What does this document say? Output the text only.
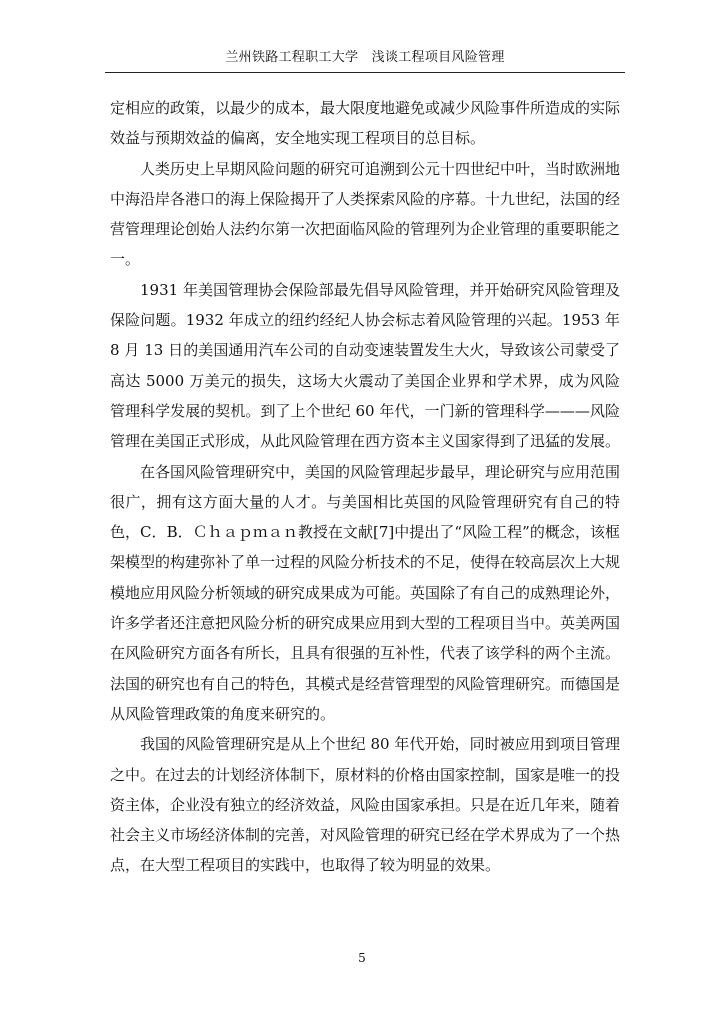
兰州铁路工程职工大学　浅谈工程项目风险管理

定相应的政策，以最少的成本，最大限度地避免或减少风险事件所造成的实际效益与预期效益的偏离，安全地实现工程项目的总目标。

人类历史上早期风险问题的研究可追溯到公元十四世纪中叶，当时欧洲地中海沿岸各港口的海上保险揭开了人类探索风险的序幕。十九世纪，法国的经营管理理论创始人法约尔第一次把面临风险的管理列为企业管理的重要职能之一。

1931 年美国管理协会保险部最先倡导风险管理，并开始研究风险管理及保险问题。1932 年成立的纽约经纪人协会标志着风险管理的兴起。1953 年 8 月 13 日的美国通用汽车公司的自动变速装置发生大火，导致该公司蒙受了高达 5000 万美元的损失，这场大火震动了美国企业界和学术界，成为风险管理科学发展的契机。到了上个世纪 60 年代，一门新的管理科学———风险管理在美国正式形成，从此风险管理在西方资本主义国家得到了迅猛的发展。

在各国风险管理研究中，美国的风险管理起步最早，理论研究与应用范围很广，拥有这方面大量的人才。与美国相比英国的风险管理研究有自己的特色，C．B．Ｃｈａｐｍａｎ教授在文献[7]中提出了“风险工程”的概念，该框架模型的构建弥补了单一过程的风险分析技术的不足，使得在较高层次上大规模地应用风险分析领域的研究成果成为可能。英国除了有自己的成熟理论外，许多学者还注意把风险分析的研究成果应用到大型的工程项目当中。英美两国在风险研究方面各有所长，且具有很强的互补性，代表了该学科的两个主流。法国的研究也有自己的特色，其模式是经营管理型的风险管理研究。而德国是从风险管理政策的角度来研究的。

我国的风险管理研究是从上个世纪 80 年代开始，同时被应用到项目管理之中。在过去的计划经济体制下，原材料的价格由国家控制，国家是唯一的投资主体，企业没有独立的经济效益，风险由国家承担。只是在近几年来，随着社会主义市场经济体制的完善，对风险管理的研究已经在学术界成为了一个热点，在大型工程项目的实践中，也取得了较为明显的效果。

5
